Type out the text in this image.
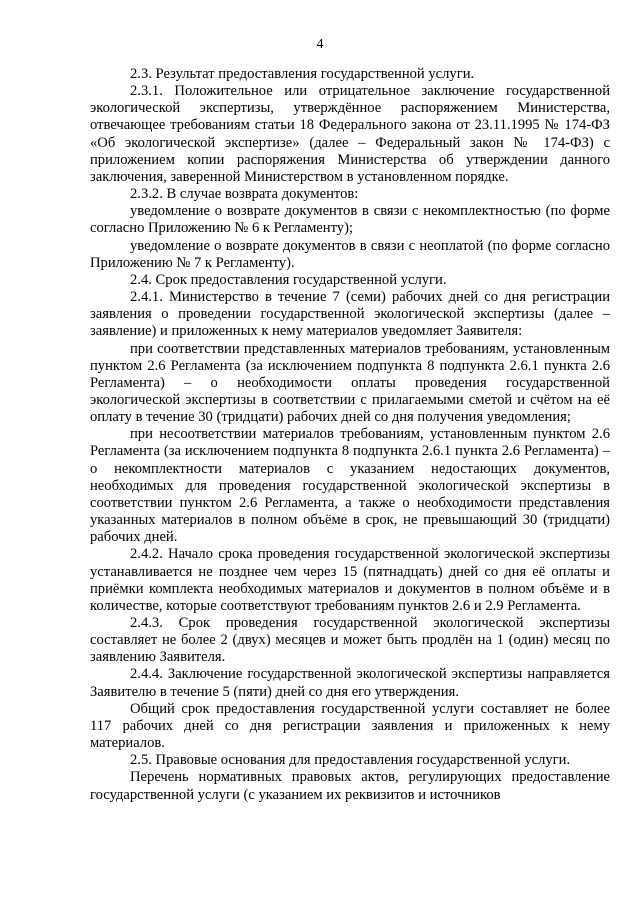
4

2.3. Результат предоставления государственной услуги.

2.3.1. Положительное или отрицательное заключение государственной экологической экспертизы, утверждённое распоряжением Министерства, отвечающее требованиям статьи 18 Федерального закона от 23.11.1995 № 174-ФЗ «Об экологической экспертизе» (далее – Федеральный закон № 174-ФЗ) с приложением копии распоряжения Министерства об утверждении данного заключения, заверенной Министерством в установленном порядке.

2.3.2. В случае возврата документов:

уведомление о возврате документов в связи с некомплектностью (по форме согласно Приложению № 6 к Регламенту);

уведомление о возврате документов в связи с неоплатой (по форме согласно Приложению № 7 к Регламенту).

2.4. Срок предоставления государственной услуги.

2.4.1. Министерство в течение 7 (семи) рабочих дней со дня регистрации заявления о проведении государственной экологической экспертизы (далее – заявление) и приложенных к нему материалов уведомляет Заявителя:

при соответствии представленных материалов требованиям, установленным пунктом 2.6 Регламента (за исключением подпункта 8 подпункта 2.6.1 пункта 2.6 Регламента) – о необходимости оплаты проведения государственной экологической экспертизы в соответствии с прилагаемыми сметой и счётом на её оплату в течение 30 (тридцати) рабочих дней со дня получения уведомления;

при несоответствии материалов требованиям, установленным пунктом 2.6 Регламента (за исключением подпункта 8 подпункта 2.6.1 пункта 2.6 Регламента) – о некомплектности материалов с указанием недостающих документов, необходимых для проведения государственной экологической экспертизы в соответствии пунктом 2.6 Регламента, а также о необходимости представления указанных материалов в полном объёме в срок, не превышающий 30 (тридцати) рабочих дней.

2.4.2. Начало срока проведения государственной экологической экспертизы устанавливается не позднее чем через 15 (пятнадцать) дней со дня её оплаты и приёмки комплекта необходимых материалов и документов в полном объёме и в количестве, которые соответствуют требованиям пунктов 2.6 и 2.9 Регламента.

2.4.3. Срок проведения государственной экологической экспертизы составляет не более 2 (двух) месяцев и может быть продлён на 1 (один) месяц по заявлению Заявителя.

2.4.4. Заключение государственной экологической экспертизы направляется Заявителю в течение 5 (пяти) дней со дня его утверждения.

Общий срок предоставления государственной услуги составляет не более 117 рабочих дней со дня регистрации заявления и приложенных к нему материалов.

2.5. Правовые основания для предоставления государственной услуги.

Перечень нормативных правовых актов, регулирующих предоставление государственной услуги (с указанием их реквизитов и источников
